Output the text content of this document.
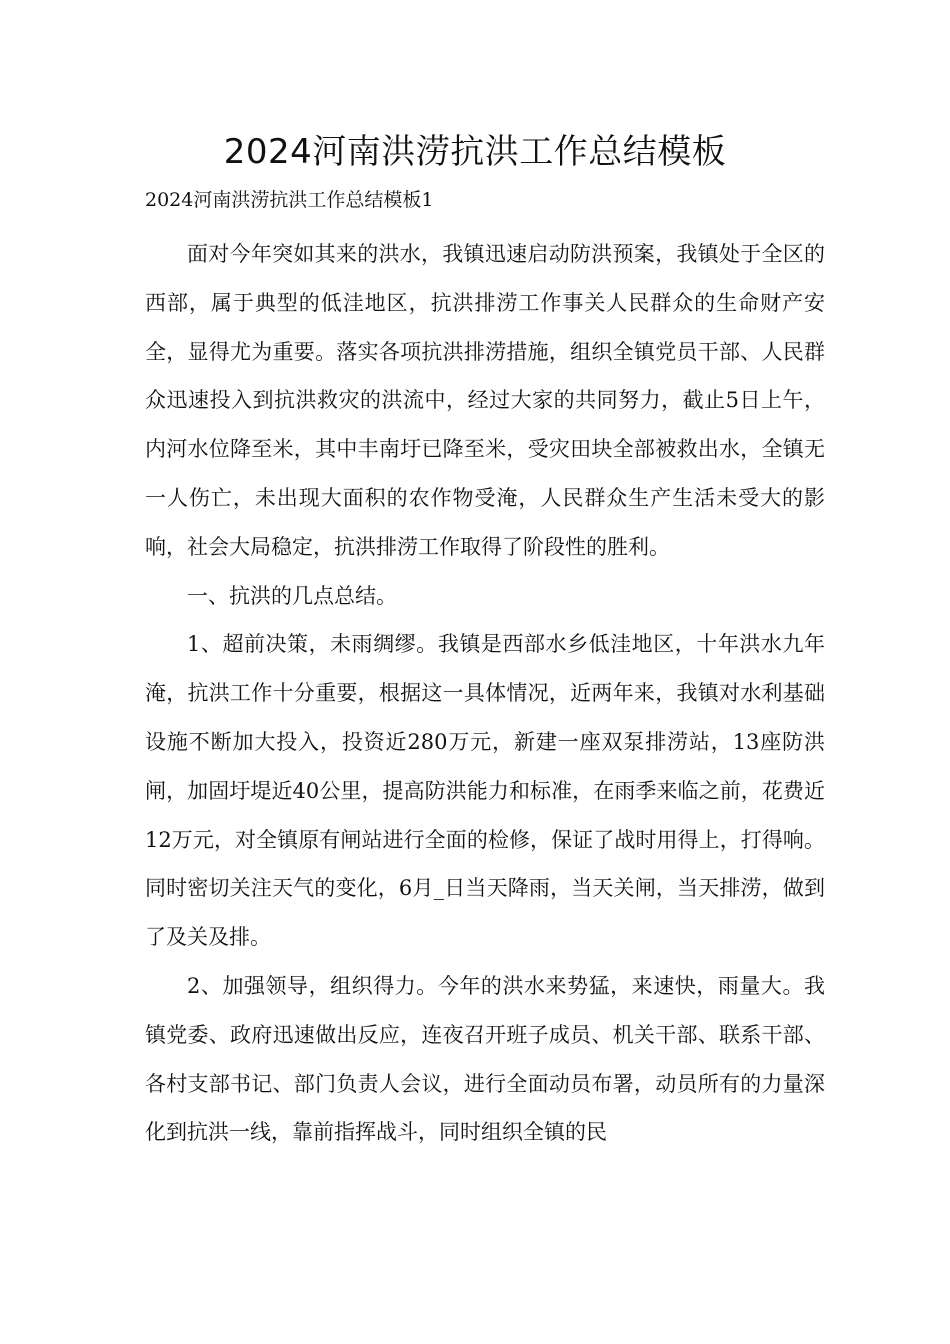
2024河南洪涝抗洪工作总结模板

2024河南洪涝抗洪工作总结模板1

面对今年突如其来的洪水，我镇迅速启动防洪预案，我镇处于全区的西部，属于典型的低洼地区，抗洪排涝工作事关人民群众的生命财产安全，显得尤为重要。落实各项抗洪排涝措施，组织全镇党员干部、人民群众迅速投入到抗洪救灾的洪流中，经过大家的共同努力，截止5日上午，内河水位降至米，其中丰南圩已降至米，受灾田块全部被救出水，全镇无一人伤亡，未出现大面积的农作物受淹，人民群众生产生活未受大的影响，社会大局稳定，抗洪排涝工作取得了阶段性的胜利。

一、抗洪的几点总结。

1、超前决策，未雨绸缪。我镇是西部水乡低洼地区，十年洪水九年淹，抗洪工作十分重要，根据这一具体情况，近两年来，我镇对水利基础设施不断加大投入，投资近280万元，新建一座双泵排涝站，13座防洪闸，加固圩堤近40公里，提高防洪能力和标准，在雨季来临之前，花费近12万元，对全镇原有闸站进行全面的检修，保证了战时用得上，打得响。同时密切关注天气的变化，6月_日当天降雨，当天关闸，当天排涝，做到了及关及排。

2、加强领导，组织得力。今年的洪水来势猛，来速快，雨量大。我镇党委、政府迅速做出反应，连夜召开班子成员、机关干部、联系干部、各村支部书记、部门负责人会议，进行全面动员布署，动员所有的力量深化到抗洪一线，靠前指挥战斗，同时组织全镇的民
